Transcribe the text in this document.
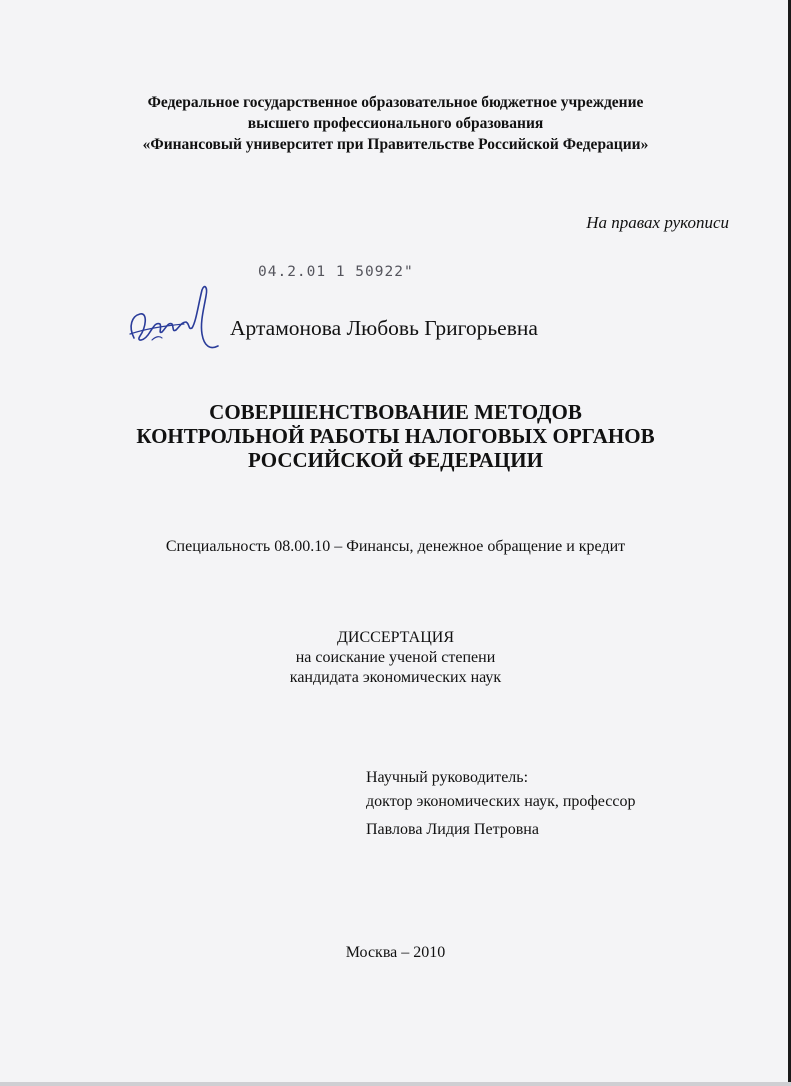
Федеральное государственное образовательное бюджетное учреждение
высшего профессионального образования
«Финансовый университет при Правительстве Российской Федерации»
На правах рукописи
04.2.01 1 50922"
Артамонова Любовь Григорьевна
СОВЕРШЕНСТВОВАНИЕ МЕТОДОВ
КОНТРОЛЬНОЙ РАБОТЫ НАЛОГОВЫХ ОРГАНОВ
РОССИЙСКОЙ ФЕДЕРАЦИИ
Специальность 08.00.10 – Финансы, денежное обращение и кредит
ДИССЕРТАЦИЯ
на соискание ученой степени
кандидата экономических наук
Научный руководитель:
доктор экономических наук, профессор
Павлова Лидия Петровна
Москва – 2010
